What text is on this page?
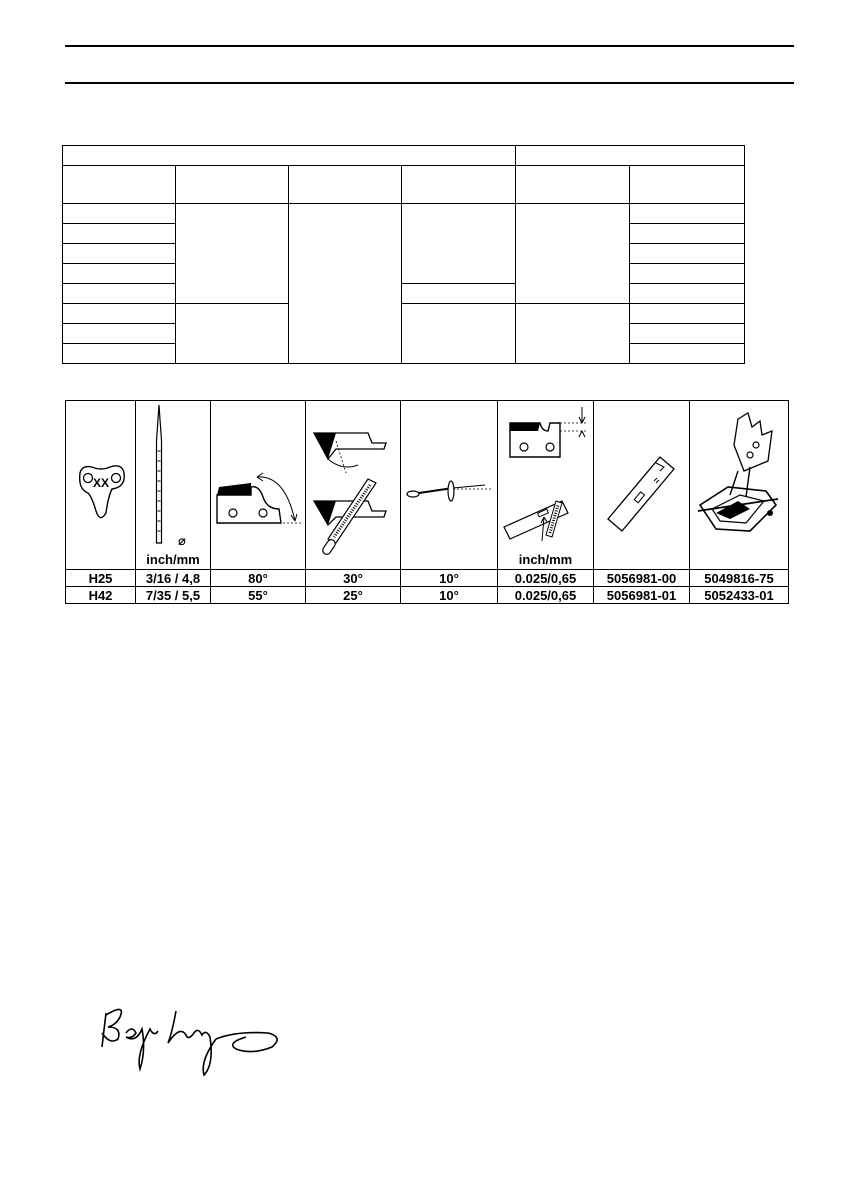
XX	⌀
inch/mm				inch/mm

H25	3/16 / 4,8	80°	30°	10°	0.025/0,65	5056981-00	5049816-75
H42	7/35 / 5,5	55°	25°	10°	0.025/0,65	5056981-01	5052433-01
